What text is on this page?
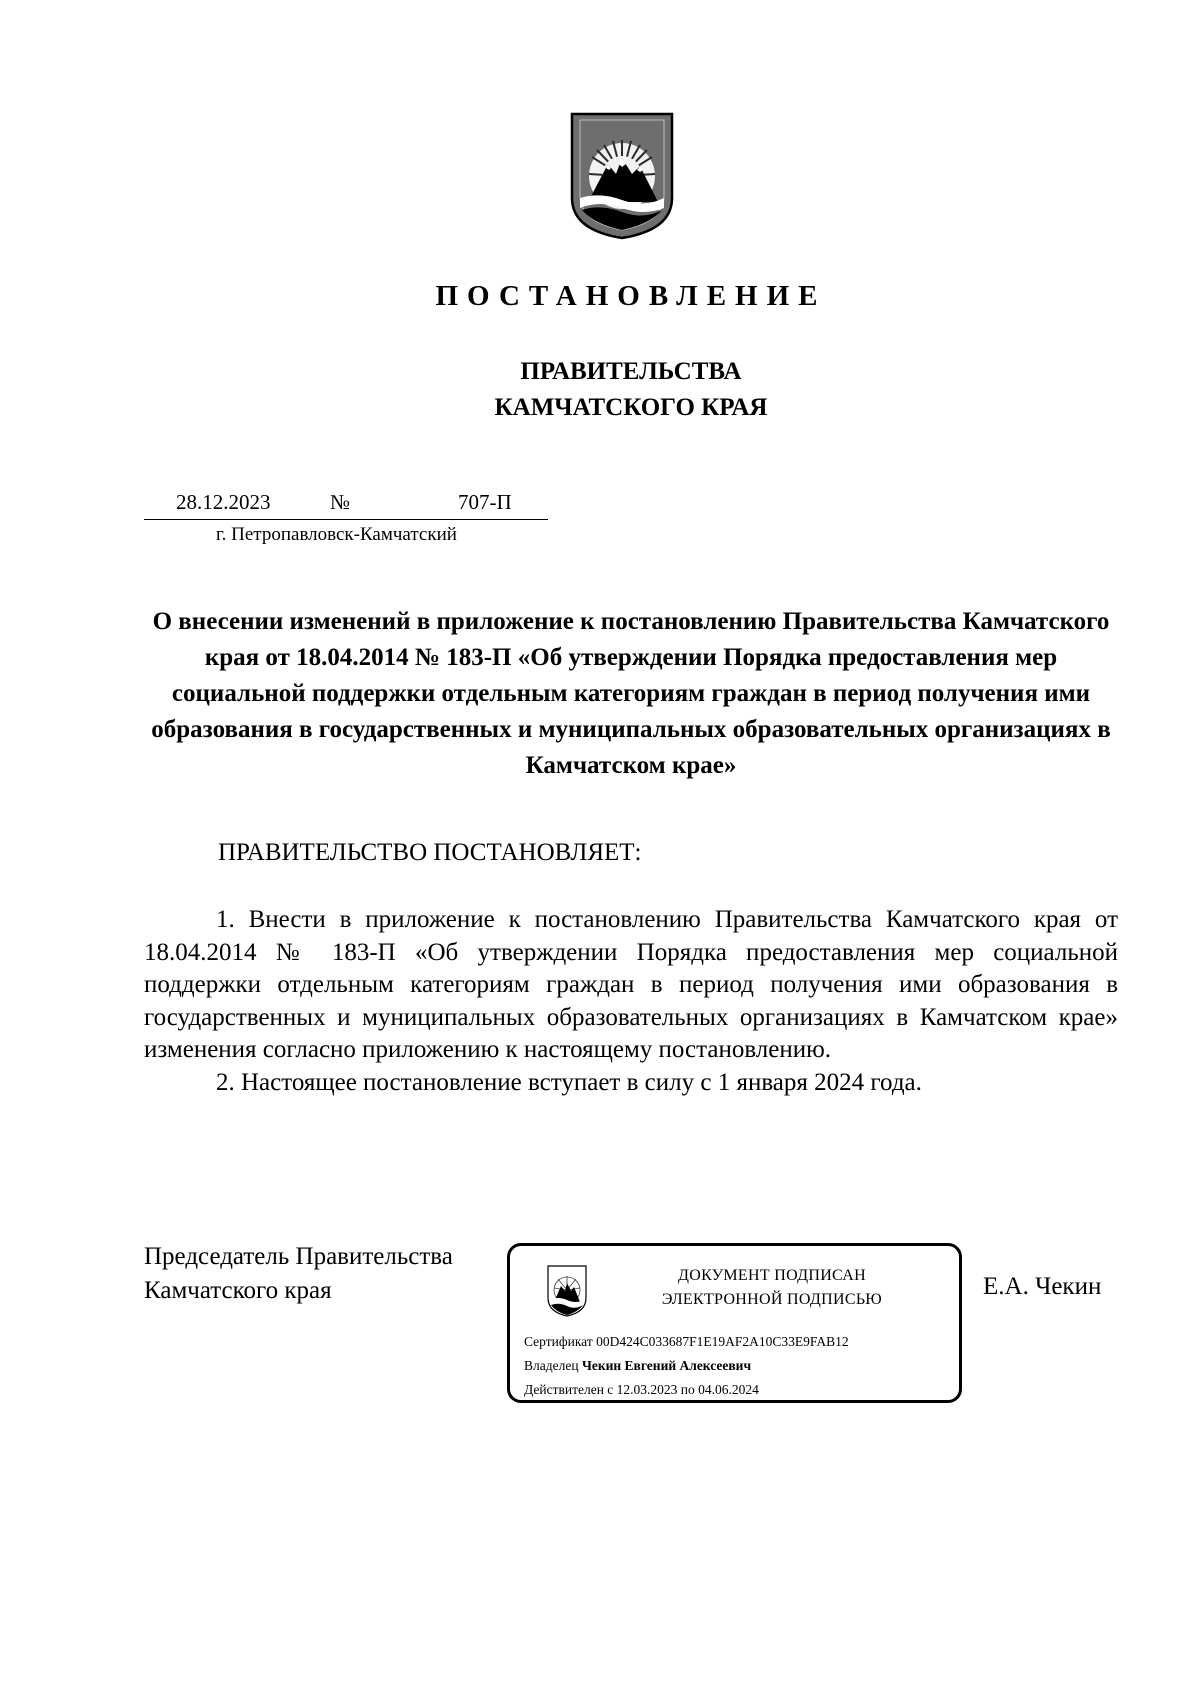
ПОСТАНОВЛЕНИЕ
ПРАВИТЕЛЬСТВА
КАМЧАТСКОГО КРАЯ
28.12.2023	№	707-П
г. Петропавловск-Камчатский
О внесении изменений в приложение к постановлению Правительства Камчатского края от 18.04.2014 № 183-П «Об утверждении Порядка предоставления мер социальной поддержки отдельным категориям граждан в период получения ими образования в государственных и муниципальных образовательных организациях в Камчатском крае»
ПРАВИТЕЛЬСТВО ПОСТАНОВЛЯЕТ:

1. Внести в приложение к постановлению Правительства Камчатского края от 18.04.2014 № 183-П «Об утверждении Порядка предоставления мер социальной поддержки отдельным категориям граждан в период получения ими образования в государственных и муниципальных образовательных организациях в Камчатском крае» изменения согласно приложению к настоящему постановлению.

2. Настоящее постановление вступает в силу с 1 января 2024 года.

Председатель Правительства
Камчатского края	Е.А. Чекин
ДОКУМЕНТ ПОДПИСАН
ЭЛЕКТРОННОЙ ПОДПИСЬЮ
Сертификат 00D424C033687F1E19AF2A10C33E9FAB12
Владелец Чекин Евгений Алексеевич
Действителен с 12.03.2023 по 04.06.2024
